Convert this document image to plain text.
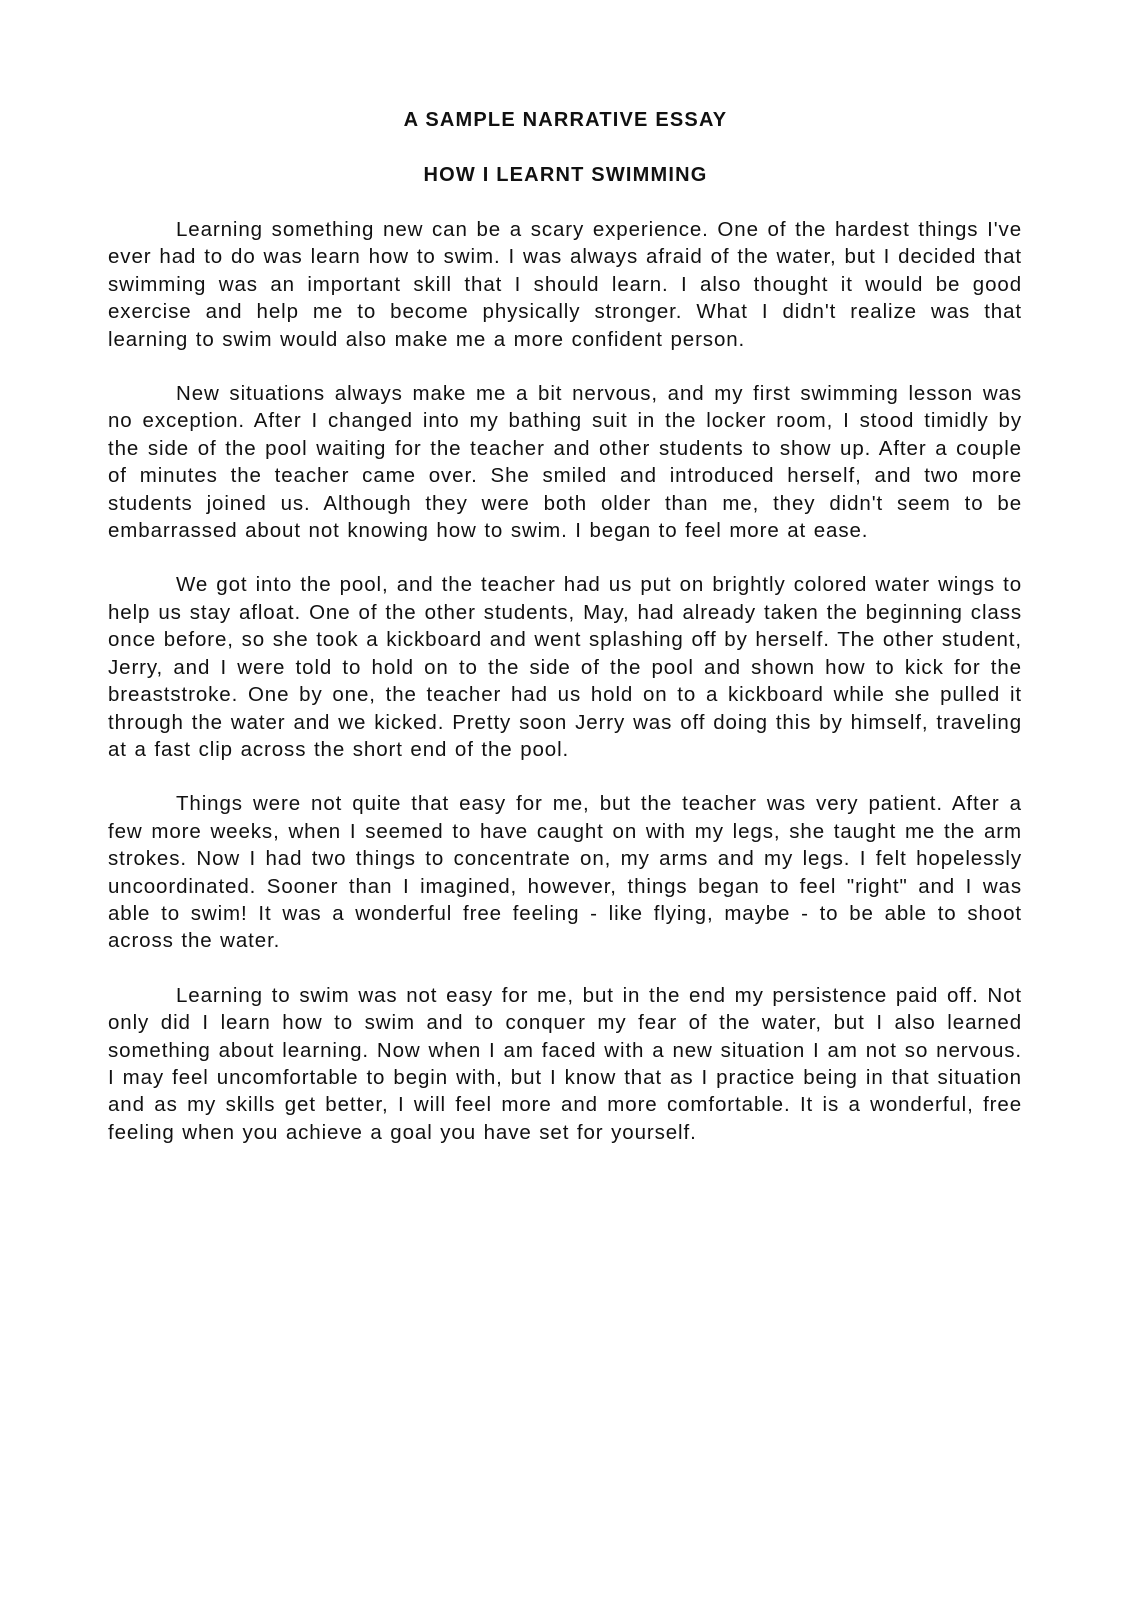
A SAMPLE NARRATIVE ESSAY
HOW I LEARNT SWIMMING

Learning something new can be a scary experience. One of the hardest things I've ever had to do was learn how to swim. I was always afraid of the water, but I decided that swimming was an important skill that I should learn. I also thought it would be good exercise and help me to become physically stronger. What I didn't realize was that learning to swim would also make me a more confident person.

New situations always make me a bit nervous, and my first swimming lesson was no exception. After I changed into my bathing suit in the locker room, I stood timidly by the side of the pool waiting for the teacher and other students to show up. After a couple of minutes the teacher came over. She smiled and introduced herself, and two more students joined us. Although they were both older than me, they didn't seem to be embarrassed about not knowing how to swim. I began to feel more at ease.

We got into the pool, and the teacher had us put on brightly colored water wings to help us stay afloat. One of the other students, May, had already taken the beginning class once before, so she took a kickboard and went splashing off by herself. The other student, Jerry, and I were told to hold on to the side of the pool and shown how to kick for the breaststroke. One by one, the teacher had us hold on to a kickboard while she pulled it through the water and we kicked. Pretty soon Jerry was off doing this by himself, traveling at a fast clip across the short end of the pool.

Things were not quite that easy for me, but the teacher was very patient. After a few more weeks, when I seemed to have caught on with my legs, she taught me the arm strokes. Now I had two things to concentrate on, my arms and my legs. I felt hopelessly uncoordinated. Sooner than I imagined, however, things began to feel "right" and I was able to swim! It was a wonderful free feeling - like flying, maybe - to be able to shoot across the water.

Learning to swim was not easy for me, but in the end my persistence paid off. Not only did I learn how to swim and to conquer my fear of the water, but I also learned something about learning. Now when I am faced with a new situation I am not so nervous. I may feel uncomfortable to begin with, but I know that as I practice being in that situation and as my skills get better, I will feel more and more comfortable. It is a wonderful, free feeling when you achieve a goal you have set for yourself.
